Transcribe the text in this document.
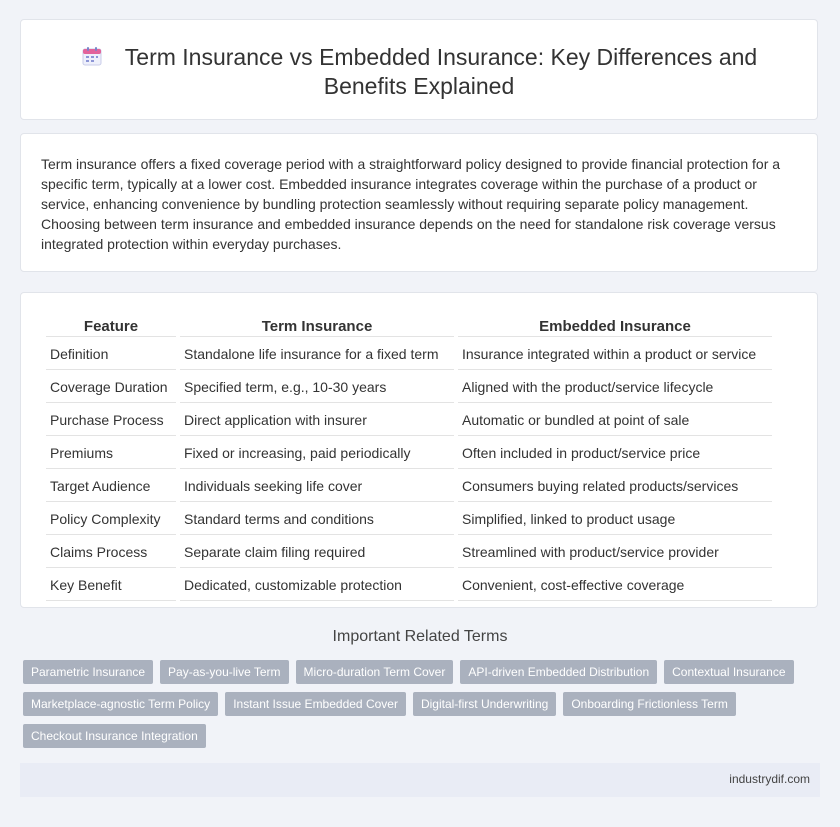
Term Insurance vs Embedded Insurance: Key Differences and
Benefits Explained

Term insurance offers a fixed coverage period with a straightforward policy designed to provide financial protection for a specific term, typically at a lower cost. Embedded insurance integrates coverage within the purchase of a product or service, enhancing convenience by bundling protection seamlessly without requiring separate policy management. Choosing between term insurance and embedded insurance depends on the need for standalone risk coverage versus integrated protection within everyday purchases.

Feature	Term Insurance	Embedded Insurance
Definition	Standalone life insurance for a fixed term	Insurance integrated within a product or service
Coverage Duration	Specified term, e.g., 10-30 years	Aligned with the product/service lifecycle
Purchase Process	Direct application with insurer	Automatic or bundled at point of sale
Premiums	Fixed or increasing, paid periodically	Often included in product/service price
Target Audience	Individuals seeking life cover	Consumers buying related products/services
Policy Complexity	Standard terms and conditions	Simplified, linked to product usage
Claims Process	Separate claim filing required	Streamlined with product/service provider
Key Benefit	Dedicated, customizable protection	Convenient, cost-effective coverage
Important Related Terms
Parametric Insurance	Pay-as-you-live Term	Micro-duration Term Cover	API-driven Embedded Distribution	Contextual Insurance
Marketplace-agnostic Term Policy	Instant Issue Embedded Cover	Digital-first Underwriting	Onboarding Frictionless Term
Checkout Insurance Integration
industrydif.com
